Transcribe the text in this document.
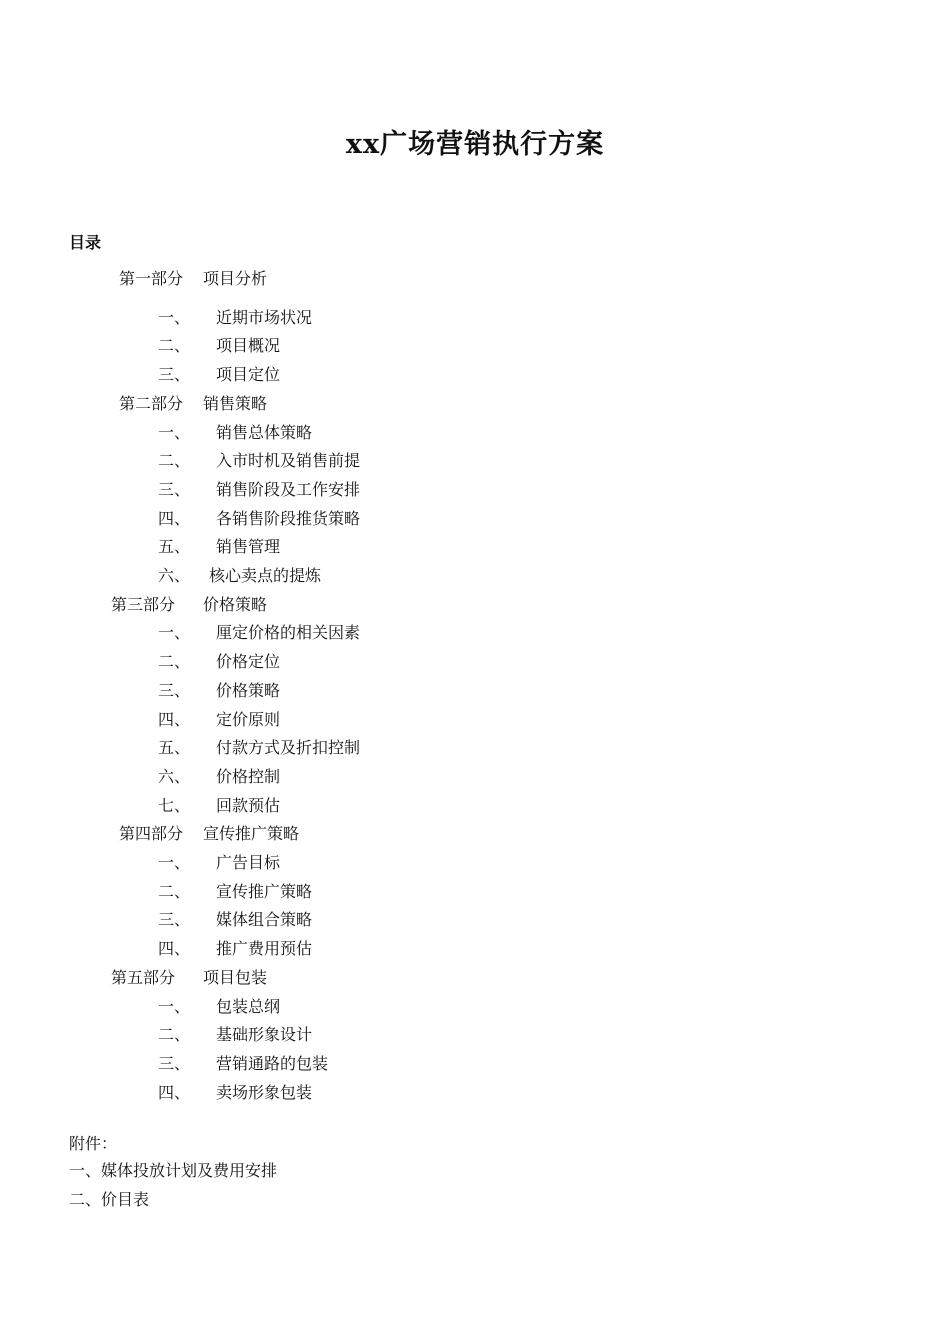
xx广场营销执行方案
目录
第一部分 项目分析
一、 近期市场状况
二、 项目概况
三、 项目定位
第二部分 销售策略
一、 销售总体策略
二、 入市时机及销售前提
三、 销售阶段及工作安排
四、 各销售阶段推货策略
五、 销售管理
六、 核心卖点的提炼
第三部分 价格策略
一、 厘定价格的相关因素
二、 价格定位
三、 价格策略
四、 定价原则
五、 付款方式及折扣控制
六、 价格控制
七、 回款预估
第四部分 宣传推广策略
一、 广告目标
二、 宣传推广策略
三、 媒体组合策略
四、 推广费用预估
第五部分 项目包装
一、 包装总纲
二、 基础形象设计
三、 营销通路的包装
四、 卖场形象包装
附件：
一、媒体投放计划及费用安排
二、价目表
